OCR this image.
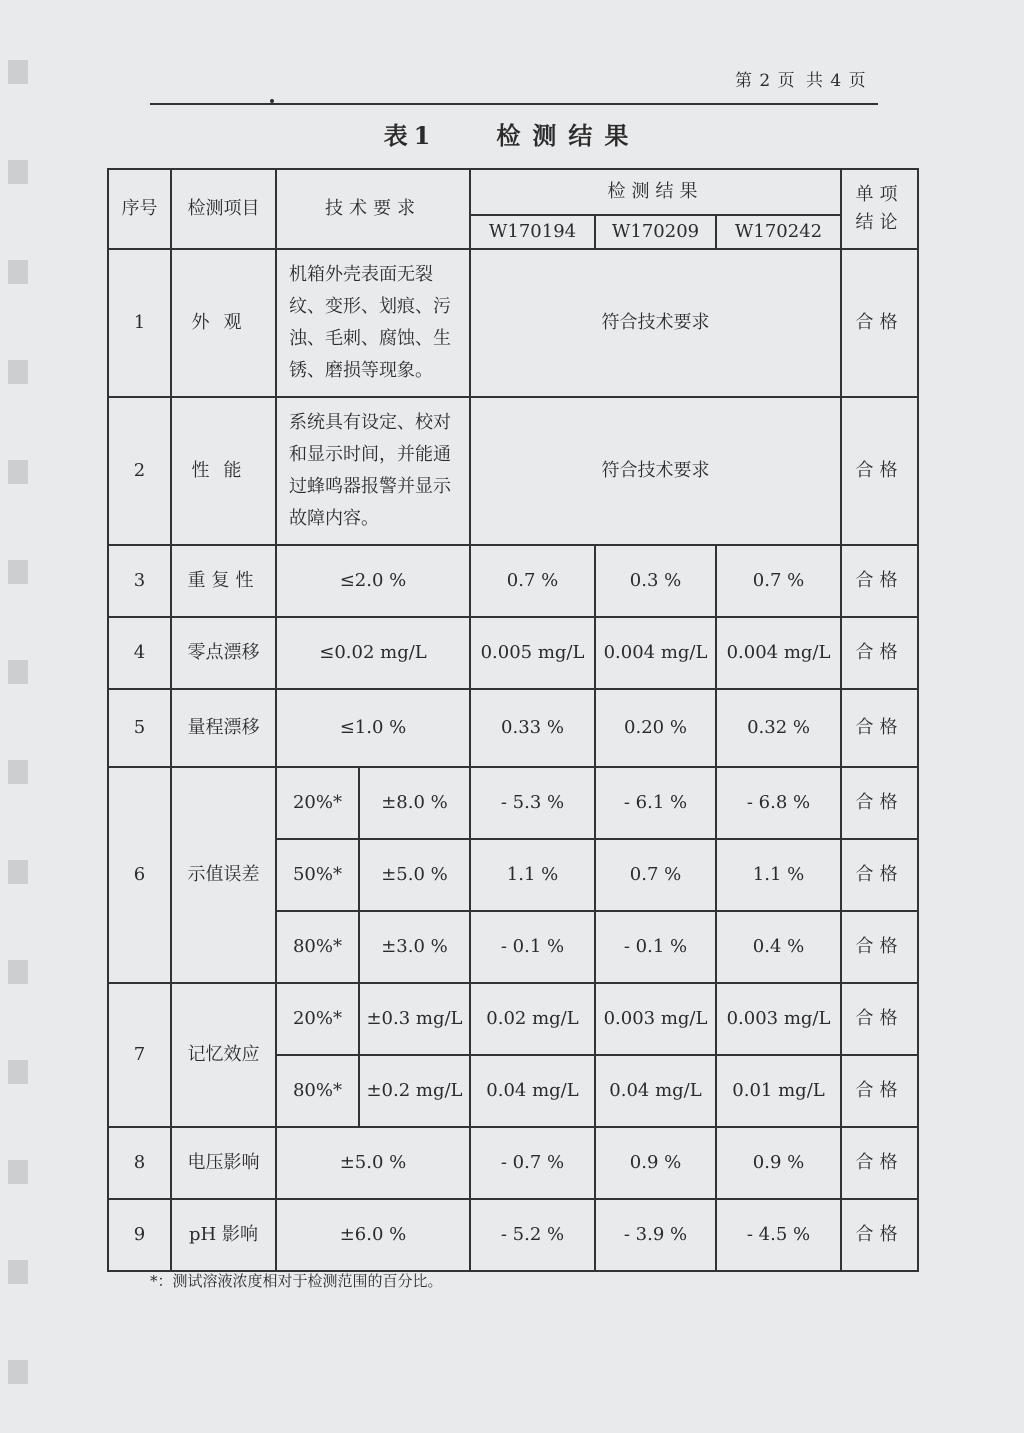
第 2 页 共 4 页
表1	检测结果
序号	检测项目	技术要求		检测结果			单项
结论

				W170194	W170209	W170242	
1	外观	机箱外壳表面无裂纹、变形、划痕、污浊、毛刺、腐蚀、生锈、磨损等现象。		符合技术要求			合格
2	性能	系统具有设定、校对和显示时间，并能通过蜂鸣器报警并显示故障内容。		符合技术要求			合格
3	重复性	≤2.0 %		0.7 %	0.3 %	0.7 %	合格
4	零点漂移	≤0.02 mg/L		0.005 mg/L	0.004 mg/L	0.004 mg/L	合格
5	量程漂移	≤1.0 %		0.33 %	0.20 %	0.32 %	合格
6	示值误差	20%*	±8.0 %	- 5.3 %	- 6.1 %	- 6.8 %	合格
		50%*	±5.0 %	1.1 %	0.7 %	1.1 %	合格
		80%*	±3.0 %	- 0.1 %	- 0.1 %	0.4 %	合格
7	记忆效应	20%*	±0.3 mg/L	0.02 mg/L	0.003 mg/L	0.003 mg/L	合格
		80%*	±0.2 mg/L	0.04 mg/L	0.04 mg/L	0.01 mg/L	合格
8	电压影响	±5.0 %		- 0.7 %	0.9 %	0.9 %	合格
9	pH 影响	±6.0 %		- 5.2 %	- 3.9 %	- 4.5 %	合格
*：测试溶液浓度相对于检测范围的百分比。
